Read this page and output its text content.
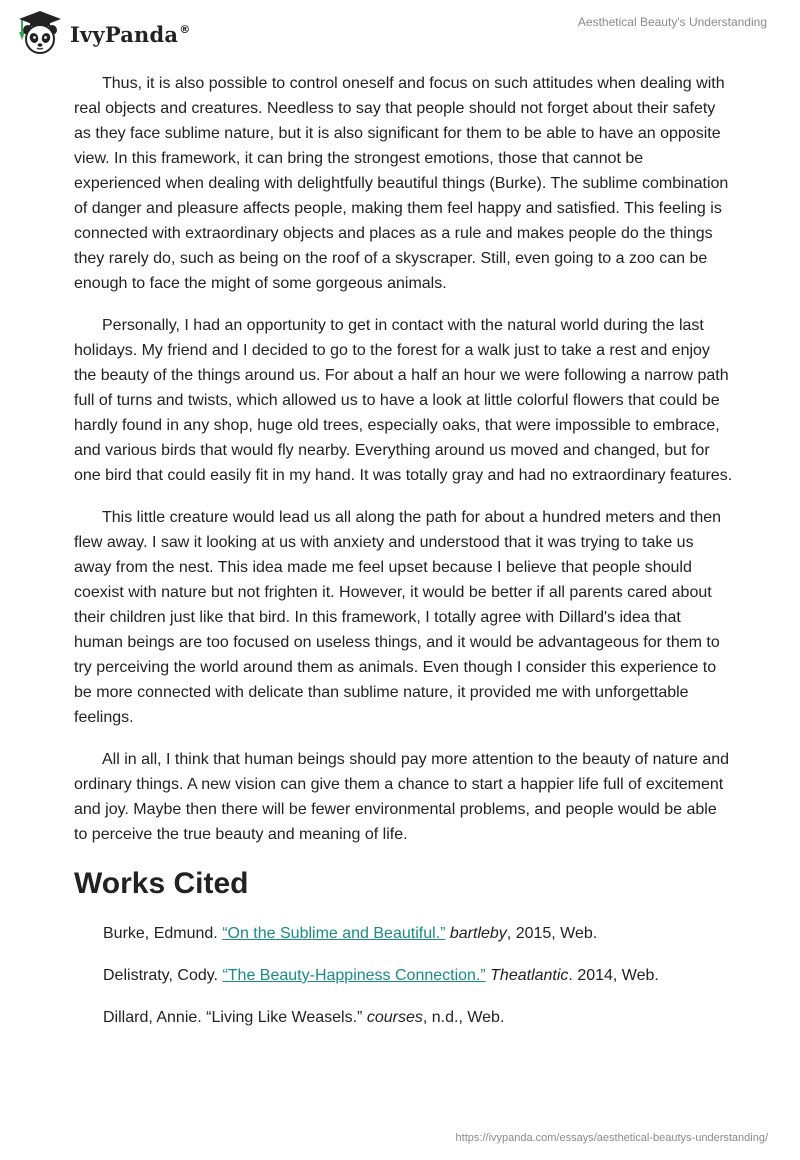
IvyPanda®	Aesthetical Beauty's Understanding

Thus, it is also possible to control oneself and focus on such attitudes when dealing with real objects and creatures. Needless to say that people should not forget about their safety as they face sublime nature, but it is also significant for them to be able to have an opposite view. In this framework, it can bring the strongest emotions, those that cannot be experienced when dealing with delightfully beautiful things (Burke). The sublime combination of danger and pleasure affects people, making them feel happy and satisfied. This feeling is connected with extraordinary objects and places as a rule and makes people do the things they rarely do, such as being on the roof of a skyscraper. Still, even going to a zoo can be enough to face the might of some gorgeous animals.

Personally, I had an opportunity to get in contact with the natural world during the last holidays. My friend and I decided to go to the forest for a walk just to take a rest and enjoy the beauty of the things around us. For about a half an hour we were following a narrow path full of turns and twists, which allowed us to have a look at little colorful flowers that could be hardly found in any shop, huge old trees, especially oaks, that were impossible to embrace, and various birds that would fly nearby. Everything around us moved and changed, but for one bird that could easily fit in my hand. It was totally gray and had no extraordinary features.

This little creature would lead us all along the path for about a hundred meters and then flew away. I saw it looking at us with anxiety and understood that it was trying to take us away from the nest. This idea made me feel upset because I believe that people should coexist with nature but not frighten it. However, it would be better if all parents cared about their children just like that bird. In this framework, I totally agree with Dillard's idea that human beings are too focused on useless things, and it would be advantageous for them to try perceiving the world around them as animals. Even though I consider this experience to be more connected with delicate than sublime nature, it provided me with unforgettable feelings.

All in all, I think that human beings should pay more attention to the beauty of nature and ordinary things. A new vision can give them a chance to start a happier life full of excitement and joy. Maybe then there will be fewer environmental problems, and people would be able to perceive the true beauty and meaning of life.

Works Cited

Burke, Edmund. “On the Sublime and Beautiful.” bartleby, 2015, Web.

Delistraty, Cody. “The Beauty-Happiness Connection.” Theatlantic. 2014, Web.

Dillard, Annie. “Living Like Weasels.” courses, n.d., Web.

https://ivypanda.com/essays/aesthetical-beautys-understanding/
